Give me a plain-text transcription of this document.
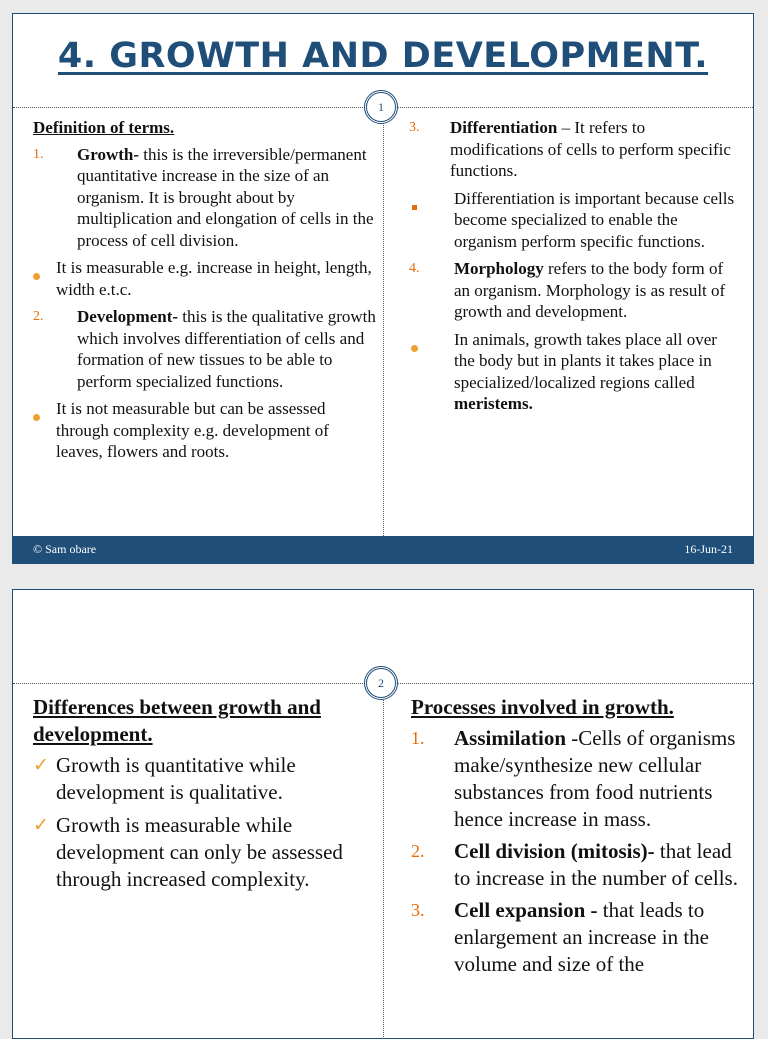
4. GROWTH AND DEVELOPMENT.
1

Definition of terms.

1. Growth- this is the irreversible/permanent quantitative increase in the size of an organism. It is brought about by multiplication and elongation of cells in the process of cell division.
It is measurable e.g. increase in height, length, width e.t.c.
2. Development- this is the qualitative growth which involves differentiation of cells and formation of new tissues to be able to perform specialized functions.
It is not measurable but can be assessed through complexity e.g. development of leaves, flowers and roots.
3. Differentiation – It refers to modifications of cells to perform specific functions.
Differentiation is important because cells become specialized to enable the organism perform specific functions.
4. Morphology refers to the body form of an organism. Morphology is as result of growth and development.
In animals, growth takes place all over the body but in plants it takes place in specialized/localized regions called meristems.
© Sam obare	16-Jun-21
2

Differences between growth and development.

✓ Growth is quantitative while development is qualitative.
✓ Growth is measurable while development can only be assessed through increased complexity.

Processes involved in growth.

1. Assimilation -Cells of organisms make/synthesize new cellular substances from food nutrients hence increase in mass.
2. Cell division (mitosis)- that lead to increase in the number of cells.
3. Cell expansion - that leads to enlargement an increase in the volume and size of the
